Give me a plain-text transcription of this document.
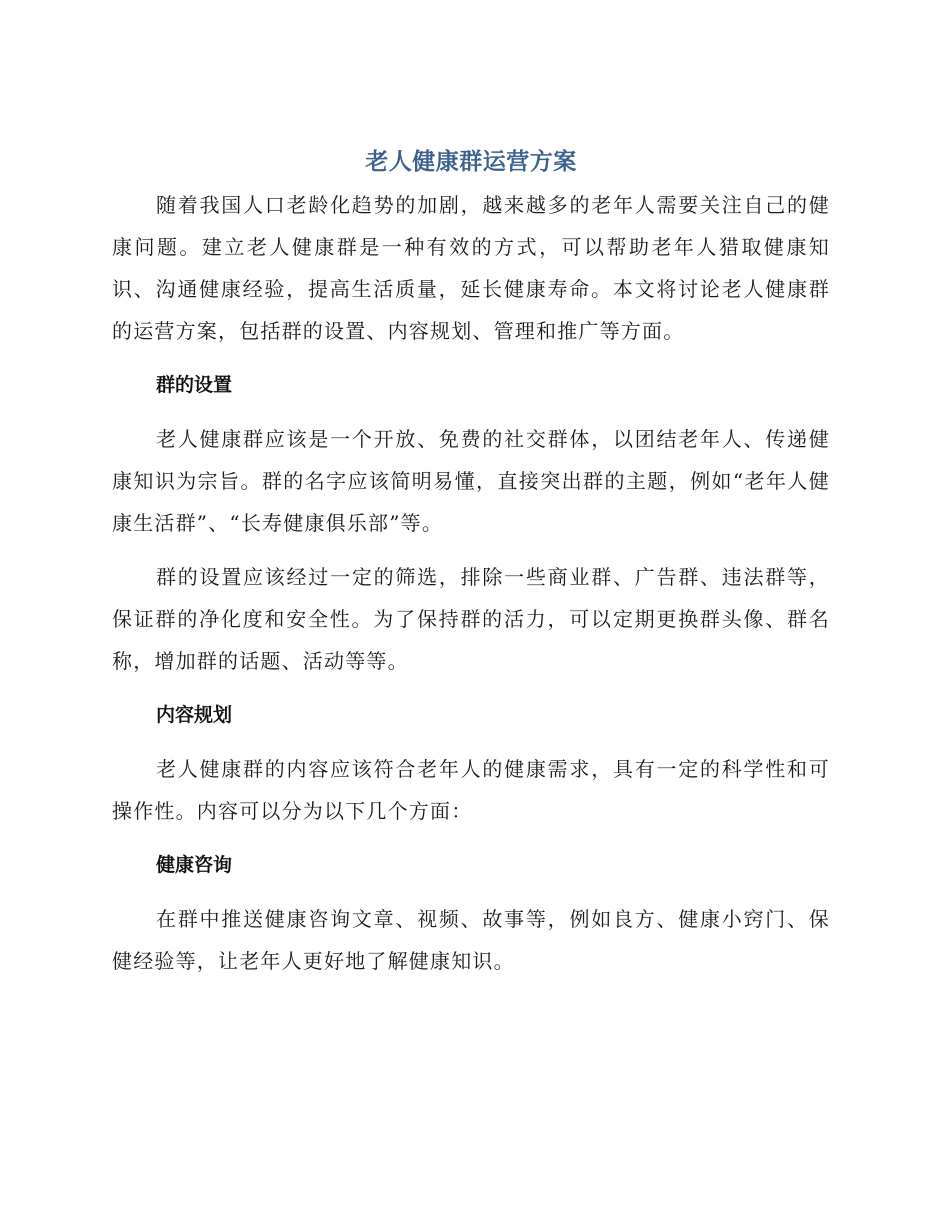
老人健康群运营方案

随着我国人口老龄化趋势的加剧，越来越多的老年人需要关注自己的健康问题。建立老人健康群是一种有效的方式，可以帮助老年人猎取健康知识、沟通健康经验，提高生活质量，延长健康寿命。本文将讨论老人健康群的运营方案，包括群的设置、内容规划、管理和推广等方面。

群的设置

老人健康群应该是一个开放、免费的社交群体，以团结老年人、传递健康知识为宗旨。群的名字应该简明易懂，直接突出群的主题，例如“老年人健康生活群”、“长寿健康俱乐部”等。

群的设置应该经过一定的筛选，排除一些商业群、广告群、违法群等，保证群的净化度和安全性。为了保持群的活力，可以定期更换群头像、群名称，增加群的话题、活动等等。

内容规划

老人健康群的内容应该符合老年人的健康需求，具有一定的科学性和可操作性。内容可以分为以下几个方面：

健康咨询

在群中推送健康咨询文章、视频、故事等，例如良方、健康小窍门、保健经验等，让老年人更好地了解健康知识。
